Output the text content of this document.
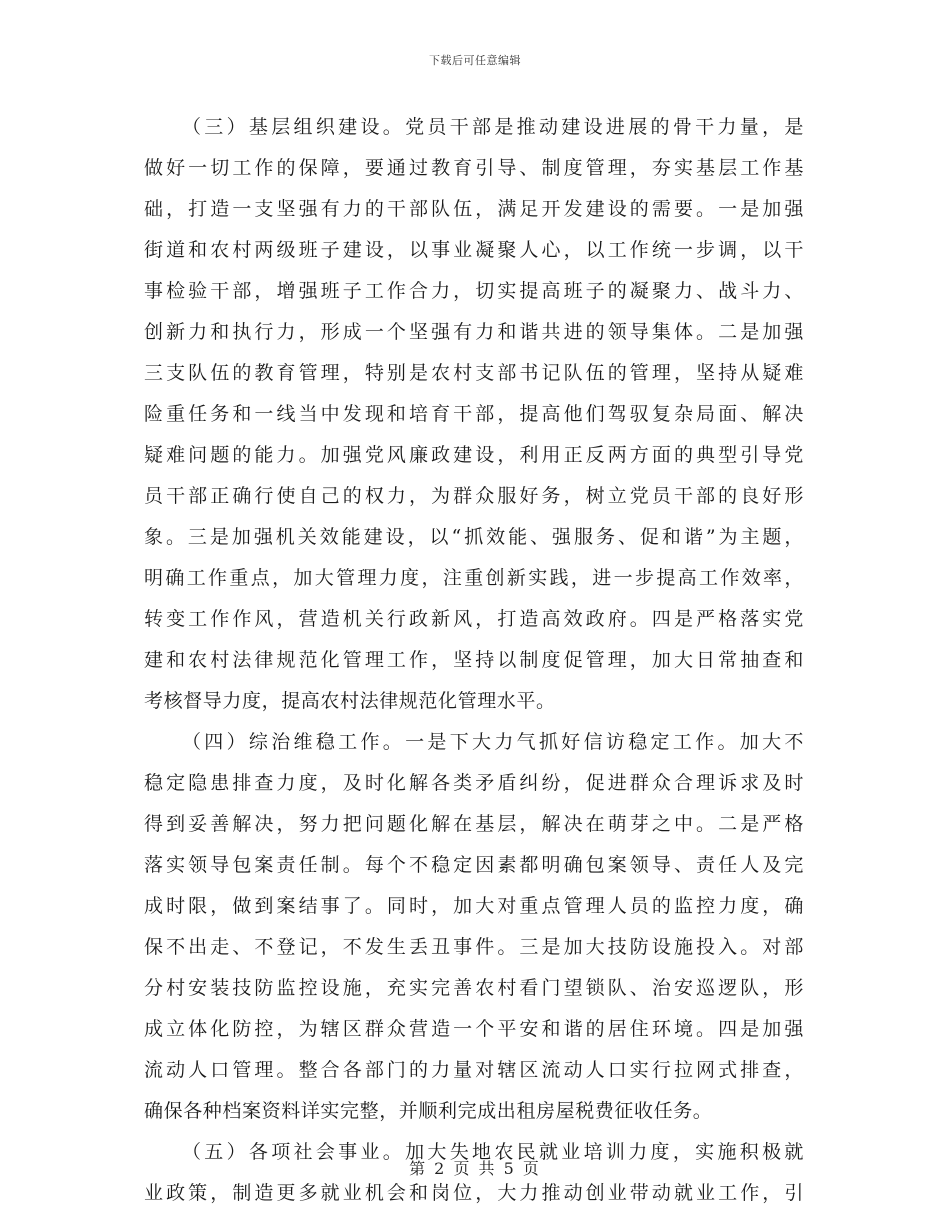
下载后可任意编辑
（三）基层组织建设。党员干部是推动建设进展的骨干力量，是
做好一切工作的保障，要通过教育引导、制度管理，夯实基层工作基
础，打造一支坚强有力的干部队伍，满足开发建设的需要。一是加强
街道和农村两级班子建设，以事业凝聚人心，以工作统一步调，以干
事检验干部，增强班子工作合力，切实提高班子的凝聚力、战斗力、
创新力和执行力，形成一个坚强有力和谐共进的领导集体。二是加强
三支队伍的教育管理，特别是农村支部书记队伍的管理，坚持从疑难
险重任务和一线当中发现和培育干部，提高他们驾驭复杂局面、解决
疑难问题的能力。加强党风廉政建设，利用正反两方面的典型引导党
员干部正确行使自己的权力，为群众服好务，树立党员干部的良好形
象。三是加强机关效能建设，以“抓效能、强服务、促和谐”为主题，
明确工作重点，加大管理力度，注重创新实践，进一步提高工作效率，
转变工作作风，营造机关行政新风，打造高效政府。四是严格落实党
建和农村法律规范化管理工作，坚持以制度促管理，加大日常抽查和
考核督导力度，提高农村法律规范化管理水平。
（四）综治维稳工作。一是下大力气抓好信访稳定工作。加大不
稳定隐患排查力度，及时化解各类矛盾纠纷，促进群众合理诉求及时
得到妥善解决，努力把问题化解在基层，解决在萌芽之中。二是严格
落实领导包案责任制。每个不稳定因素都明确包案领导、责任人及完
成时限，做到案结事了。同时，加大对重点管理人员的监控力度，确
保不出走、不登记，不发生丢丑事件。三是加大技防设施投入。对部
分村安装技防监控设施，充实完善农村看门望锁队、治安巡逻队，形
成立体化防控，为辖区群众营造一个平安和谐的居住环境。四是加强
流动人口管理。整合各部门的力量对辖区流动人口实行拉网式排查，
确保各种档案资料详实完整，并顺利完成出租房屋税费征收任务。
（五）各项社会事业。加大失地农民就业培训力度，实施积极就
业政策，制造更多就业机会和岗位，大力推动创业带动就业工作，引
第 2 页 共 5 页
